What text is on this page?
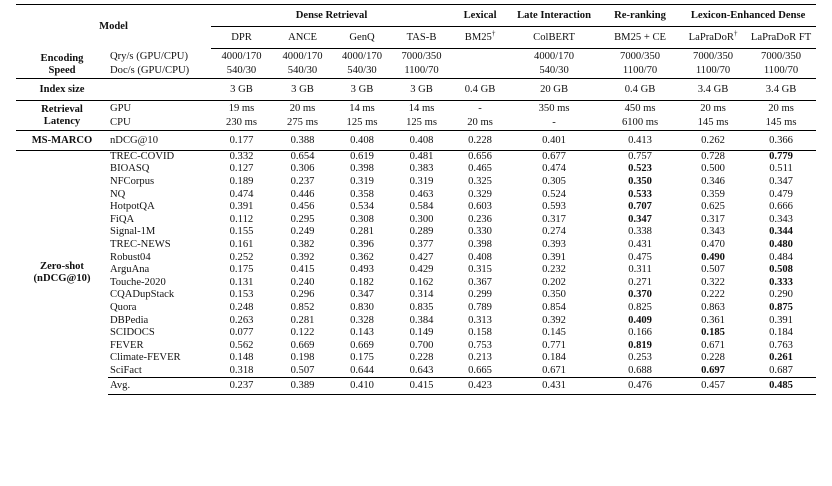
Model		Dense Retrieval				Lexical	Late Interaction	Re-ranking	Lexicon-Enhanced Dense	
		DPR	ANCE	GenQ	TAS-B	BM25†	ColBERT	BM25 + CE	LaPraDoR†	LaPraDoR FT
Encoding
Speed	Qry/s (GPU/CPU)	4000/170	4000/170	4000/170	7000/350		4000/170	7000/350	7000/350	7000/350
	Doc/s (GPU/CPU)	540/30	540/30	540/30	1100/70		540/30	1100/70	1100/70	1100/70
Index size		3 GB	3 GB	3 GB	3 GB	0.4 GB	20 GB	0.4 GB	3.4 GB	3.4 GB
Retrieval
Latency	GPU	19 ms	20 ms	14 ms	14 ms	-	350 ms	450 ms	20 ms	20 ms
	CPU	230 ms	275 ms	125 ms	125 ms	20 ms	-	6100 ms	145 ms	145 ms
MS-MARCO	nDCG@10	0.177	0.388	0.408	0.408	0.228	0.401	0.413	0.262	0.366
Zero-shot
(nDCG@10)	TREC-COVID	0.332	0.654	0.619	0.481	0.656	0.677	0.757	0.728	0.779
	BIOASQ	0.127	0.306	0.398	0.383	0.465	0.474	0.523	0.500	0.511
	NFCorpus	0.189	0.237	0.319	0.319	0.325	0.305	0.350	0.346	0.347
	NQ	0.474	0.446	0.358	0.463	0.329	0.524	0.533	0.359	0.479
	HotpotQA	0.391	0.456	0.534	0.584	0.603	0.593	0.707	0.625	0.666
	FiQA	0.112	0.295	0.308	0.300	0.236	0.317	0.347	0.317	0.343
	Signal-1M	0.155	0.249	0.281	0.289	0.330	0.274	0.338	0.343	0.344
	TREC-NEWS	0.161	0.382	0.396	0.377	0.398	0.393	0.431	0.470	0.480
	Robust04	0.252	0.392	0.362	0.427	0.408	0.391	0.475	0.490	0.484
	ArguAna	0.175	0.415	0.493	0.429	0.315	0.232	0.311	0.507	0.508
	Touche-2020	0.131	0.240	0.182	0.162	0.367	0.202	0.271	0.322	0.333
	CQADupStack	0.153	0.296	0.347	0.314	0.299	0.350	0.370	0.222	0.290
	Quora	0.248	0.852	0.830	0.835	0.789	0.854	0.825	0.863	0.875
	DBPedia	0.263	0.281	0.328	0.384	0.313	0.392	0.409	0.361	0.391
	SCIDOCS	0.077	0.122	0.143	0.149	0.158	0.145	0.166	0.185	0.184
	FEVER	0.562	0.669	0.669	0.700	0.753	0.771	0.819	0.671	0.763
	Climate-FEVER	0.148	0.198	0.175	0.228	0.213	0.184	0.253	0.228	0.261
	SciFact	0.318	0.507	0.644	0.643	0.665	0.671	0.688	0.697	0.687
	Avg.	0.237	0.389	0.410	0.415	0.423	0.431	0.476	0.457	0.485
